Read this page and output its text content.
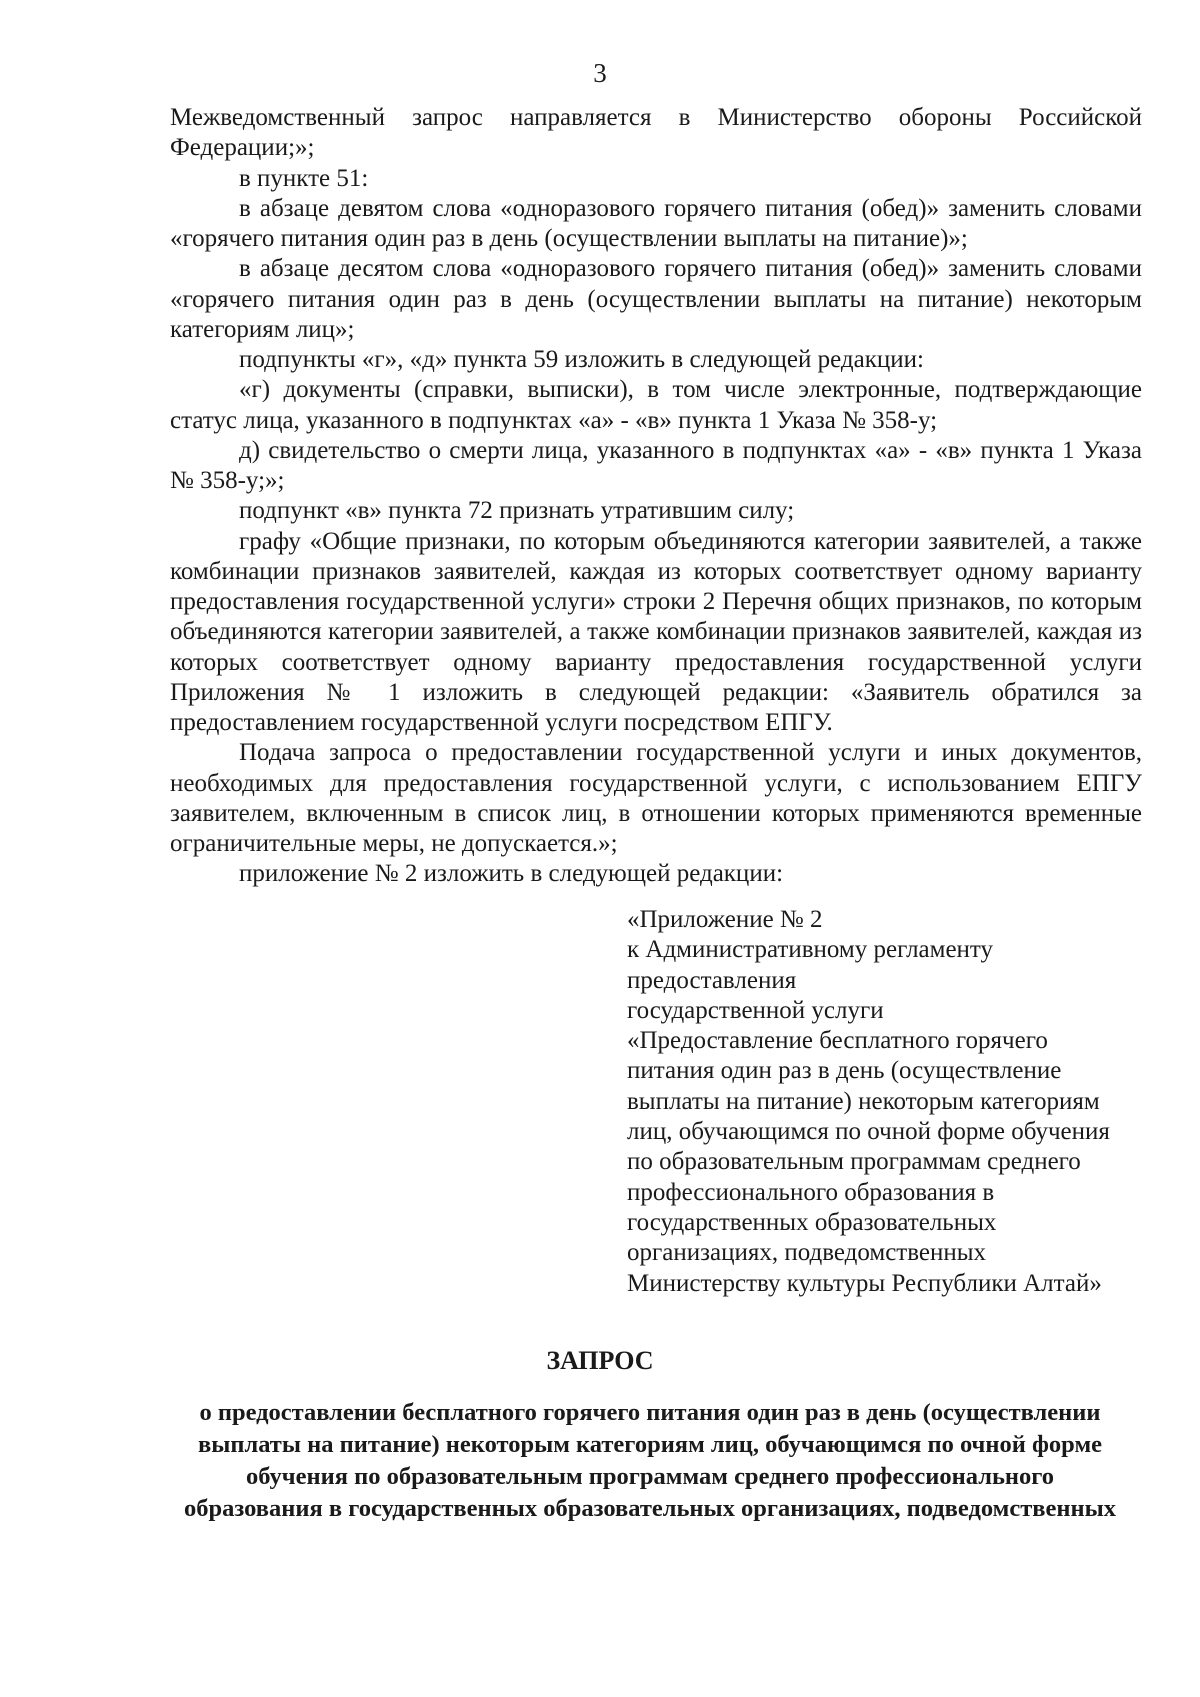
3

Межведомственный запрос направляется в Министерство обороны Российской Федерации;»;

в пункте 51:

в абзаце девятом слова «одноразового горячего питания (обед)» заменить словами «горячего питания один раз в день (осуществлении выплаты на питание)»;

в абзаце десятом слова «одноразового горячего питания (обед)» заменить словами «горячего питания один раз в день (осуществлении выплаты на питание) некоторым категориям лиц»;

подпункты «г», «д» пункта 59 изложить в следующей редакции:

«г) документы (справки, выписки), в том числе электронные, подтверждающие статус лица, указанного в подпунктах «а» - «в» пункта 1 Указа № 358-у;

д) свидетельство о смерти лица, указанного в подпунктах «а» - «в» пункта 1 Указа № 358-у;»;

подпункт «в» пункта 72 признать утратившим силу;

графу «Общие признаки, по которым объединяются категории заявителей, а также комбинации признаков заявителей, каждая из которых соответствует одному варианту предоставления государственной услуги» строки 2 Перечня общих признаков, по которым объединяются категории заявителей, а также комбинации признаков заявителей, каждая из которых соответствует одному варианту предоставления государственной услуги Приложения № 1 изложить в следующей редакции: «Заявитель обратился за предоставлением государственной услуги посредством ЕПГУ.

Подача запроса о предоставлении государственной услуги и иных документов, необходимых для предоставления государственной услуги, с использованием ЕПГУ заявителем, включенным в список лиц, в отношении которых применяются временные ограничительные меры, не допускается.»;

приложение № 2 изложить в следующей редакции:

«Приложение № 2
к Административному регламенту
предоставления
государственной услуги
«Предоставление бесплатного горячего
питания один раз в день (осуществление
выплаты на питание) некоторым категориям
лиц, обучающимся по очной форме обучения
по образовательным программам среднего
профессионального образования в
государственных образовательных
организациях, подведомственных
Министерству культуры Республики Алтай»
ЗАПРОС
о предоставлении бесплатного горячего питания один раз в день (осуществлении
выплаты на питание) некоторым категориям лиц, обучающимся по очной форме
обучения по образовательным программам среднего профессионального
образования в государственных образовательных организациях, подведомственных
